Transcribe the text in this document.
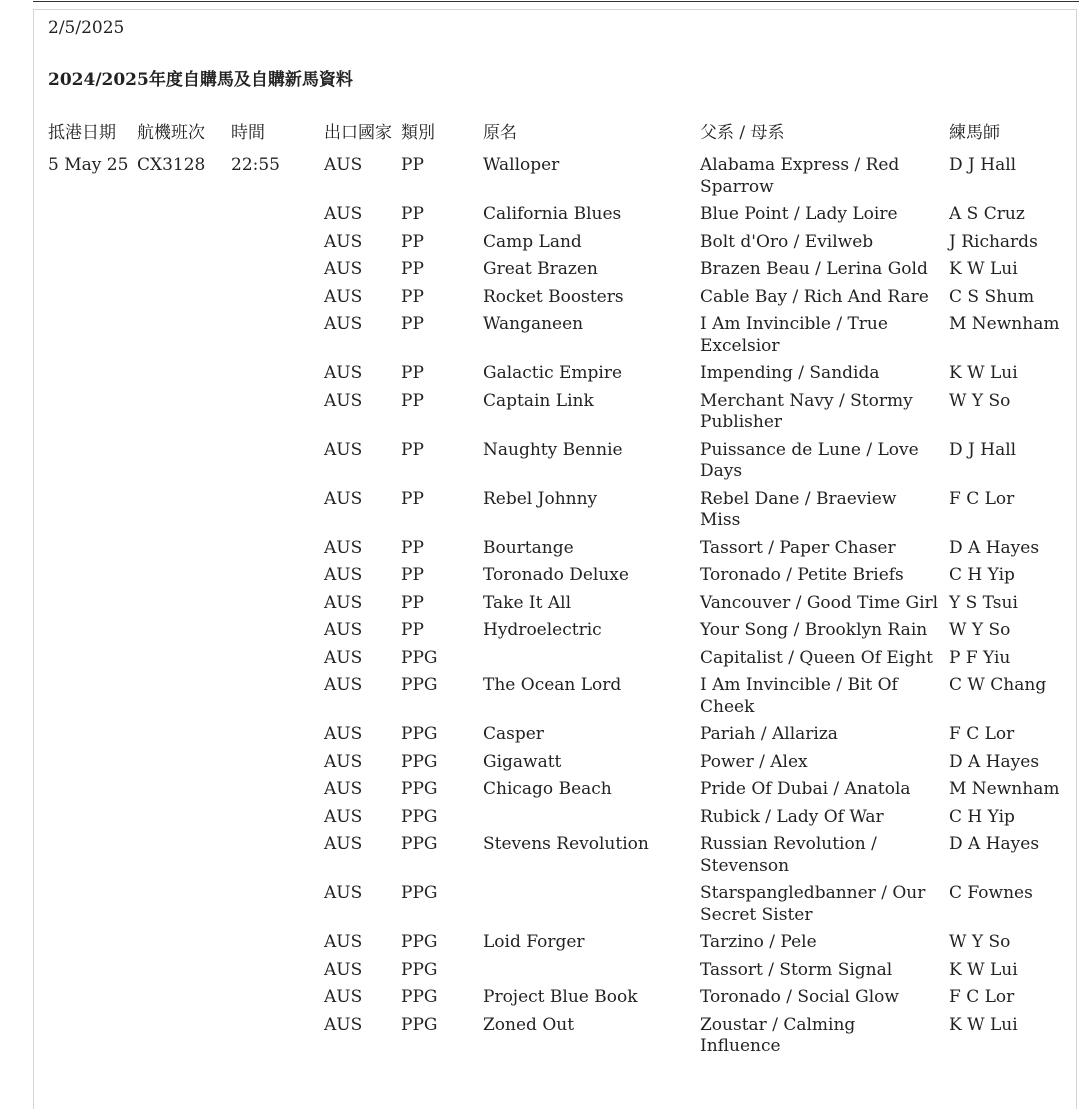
2/5/2025
2024/2025年度自購馬及自購新馬資料
抵港日期	航機班次	時間	出口國家	類別	原名	父系 / 母系	練馬師
5 May 25	CX3128	22:55	AUS	PP	Walloper	Alabama Express / Red Sparrow	D J Hall
			AUS	PP	California Blues	Blue Point / Lady Loire	A S Cruz
			AUS	PP	Camp Land	Bolt d'Oro / Evilweb	J Richards
			AUS	PP	Great Brazen	Brazen Beau / Lerina Gold	K W Lui
			AUS	PP	Rocket Boosters	Cable Bay / Rich And Rare	C S Shum
			AUS	PP	Wanganeen	I Am Invincible / True Excelsior	M Newnham
			AUS	PP	Galactic Empire	Impending / Sandida	K W Lui
			AUS	PP	Captain Link	Merchant Navy / Stormy Publisher	W Y So
			AUS	PP	Naughty Bennie	Puissance de Lune / Love Days	D J Hall
			AUS	PP	Rebel Johnny	Rebel Dane / Braeview Miss	F C Lor
			AUS	PP	Bourtange	Tassort / Paper Chaser	D A Hayes
			AUS	PP	Toronado Deluxe	Toronado / Petite Briefs	C H Yip
			AUS	PP	Take It All	Vancouver / Good Time Girl	Y S Tsui
			AUS	PP	Hydroelectric	Your Song / Brooklyn Rain	W Y So
			AUS	PPG		Capitalist / Queen Of Eight	P F Yiu
			AUS	PPG	The Ocean Lord	I Am Invincible / Bit Of Cheek	C W Chang
			AUS	PPG	Casper	Pariah / Allariza	F C Lor
			AUS	PPG	Gigawatt	Power / Alex	D A Hayes
			AUS	PPG	Chicago Beach	Pride Of Dubai / Anatola	M Newnham
			AUS	PPG		Rubick / Lady Of War	C H Yip
			AUS	PPG	Stevens Revolution	Russian Revolution / Stevenson	D A Hayes
			AUS	PPG		Starspangledbanner / Our Secret Sister	C Fownes
			AUS	PPG	Loid Forger	Tarzino / Pele	W Y So
			AUS	PPG		Tassort / Storm Signal	K W Lui
			AUS	PPG	Project Blue Book	Toronado / Social Glow	F C Lor
			AUS	PPG	Zoned Out	Zoustar / Calming Influence	K W Lui
